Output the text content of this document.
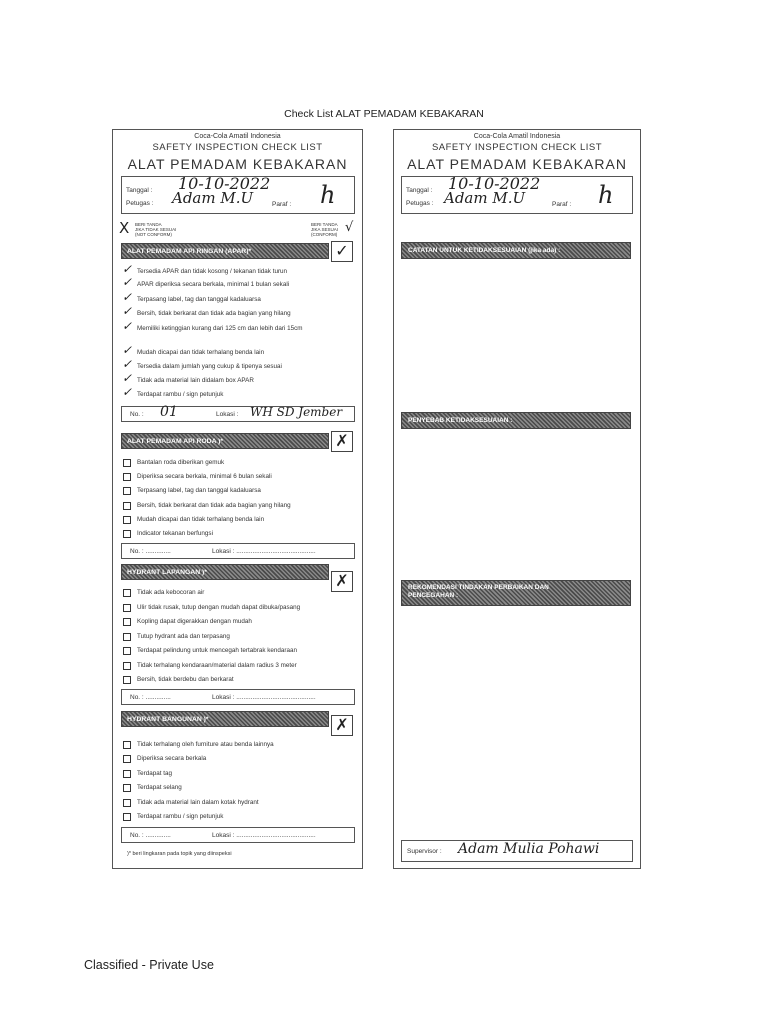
Check List ALAT PEMADAM KEBAKARAN
Coca-Cola Amatil Indonesia
SAFETY INSPECTION CHECK LIST
ALAT PEMADAM KEBAKARAN
Tanggal : 10-10-2022
Petugas : Adam M.U	Paraf : h
X BERI TANDA
JIKA TIDAK SESUAI
(NOT CONFORM)
BERI TANDA
JIKA SESUAI
(CONFORM) √
ALAT PEMADAM API RINGAN (APAR)*	✓
✓ Tersedia APAR dan tidak kosong / tekanan tidak turun
✓ APAR diperiksa secara berkala, minimal 1 bulan sekali
✓ Terpasang label, tag dan tanggal kadaluarsa
✓ Bersih, tidak berkarat dan tidak ada bagian yang hilang
✓ Memiliki ketinggian kurang dari 125 cm dan lebih dari 15cm
✓ Mudah dicapai dan tidak terhalang benda lain
✓ Tersedia dalam jumlah yang cukup & tipenya sesuai
✓ Tidak ada material lain didalam box APAR
✓ Terdapat rambu / sign petunjuk
No. : 01	Lokasi : WH SD Jember
ALAT PEMADAM API RODA )*	✗
Bantalan roda diberikan gemuk
Diperiksa secara berkala, minimal 6 bulan sekali
Terpasang label, tag dan tanggal kadaluarsa
Bersih, tidak berkarat dan tidak ada bagian yang hilang
Mudah dicapai dan tidak terhalang benda lain
Indicator tekanan berfungsi
No. : ..............	Lokasi : ............................................
HYDRANT LAPANGAN )*
✗
Tidak ada kebocoran air
Ulir tidak rusak, tutup dengan mudah dapat dibuka/pasang
Kopling dapat digerakkan dengan mudah
Tutup hydrant ada dan terpasang
Terdapat pelindung untuk mencegah tertabrak kendaraan
Tidak terhalang kendaraan/material dalam radius 3 meter
Bersih, tidak berdebu dan berkarat
No. : ..............	Lokasi : ............................................
HYDRANT BANGUNAN )*	✗
Tidak terhalang oleh furniture atau benda lainnya
Diperiksa secara berkala
Terdapat tag
Terdapat selang
Tidak ada material lain dalam kotak hydrant
Terdapat rambu / sign petunjuk
No. : ..............	Lokasi : ............................................
)* beri lingkaran pada topik yang diinspeksi
Coca-Cola Amatil Indonesia
SAFETY INSPECTION CHECK LIST
ALAT PEMADAM KEBAKARAN
Tanggal : 10-10-2022
Petugas : Adam M.U	Paraf : h
CATATAN UNTUK KETIDAKSESUAIAN (jika ada) :
PENYEBAB KETIDAKSESUAIAN :
REKOMENDASI TINDAKAN PERBAIKAN DAN
PENCEGAHAN :
Supervisor : Adam Mulia Pohawi
Classified - Private Use
